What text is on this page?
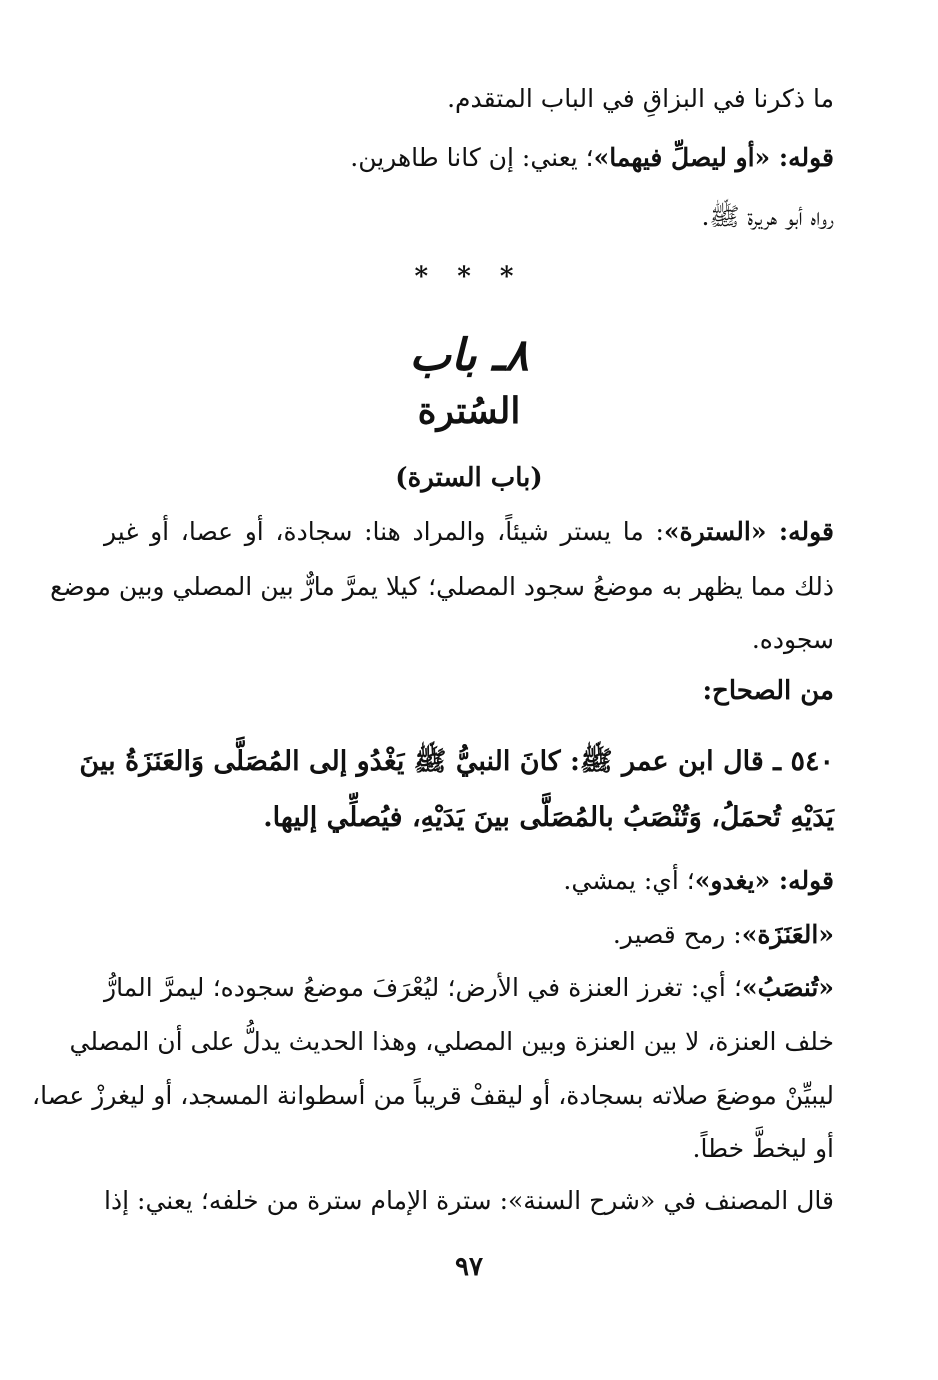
ما ذكرنا في البزاقِ في الباب المتقدم.
قوله: «أو ليصلِّ فيهما»؛ يعني: إن كانا طاهرين.
رواه أبو هريرة ﷺ.
* * *
٨ـ باب
السُترة
(باب السترة)
قوله: «السترة»: ما يستر شيئاً، والمراد هنا: سجادة، أو عصا، أو غير
ذلك مما يظهر به موضعُ سجود المصلي؛ كيلا يمرَّ مارٌّ بين المصلي وبين موضع
سجوده.
من الصحاح:
٥٤٠ ـ قال ابن عمر ﷺ: كانَ النبيُّ ﷺ يَغْدُو إلى المُصَلَّى وَالعَنَزَةُ بينَ
يَدَيْهِ تُحمَلُ، وَتُنْصَبُ بالمُصَلَّى بينَ يَدَيْهِ، فيُصلِّي إليها.
قوله: «يغدو»؛ أي: يمشي.
«العَنَزَة»: رمح قصير.
«تُنصَبُ»؛ أي: تغرز العنزة في الأرض؛ ليُعْرَفَ موضعُ سجوده؛ ليمرَّ المارُّ
خلف العنزة، لا بين العنزة وبين المصلي، وهذا الحديث يدلُّ على أن المصلي
ليبيِّنْ موضعَ صلاته بسجادة، أو ليقفْ قريباً من أسطوانة المسجد، أو ليغرزْ عصا،
أو ليخطَّ خطاً.
قال المصنف في «شرح السنة»: سترة الإمام سترة من خلفه؛ يعني: إذا
٩٧
